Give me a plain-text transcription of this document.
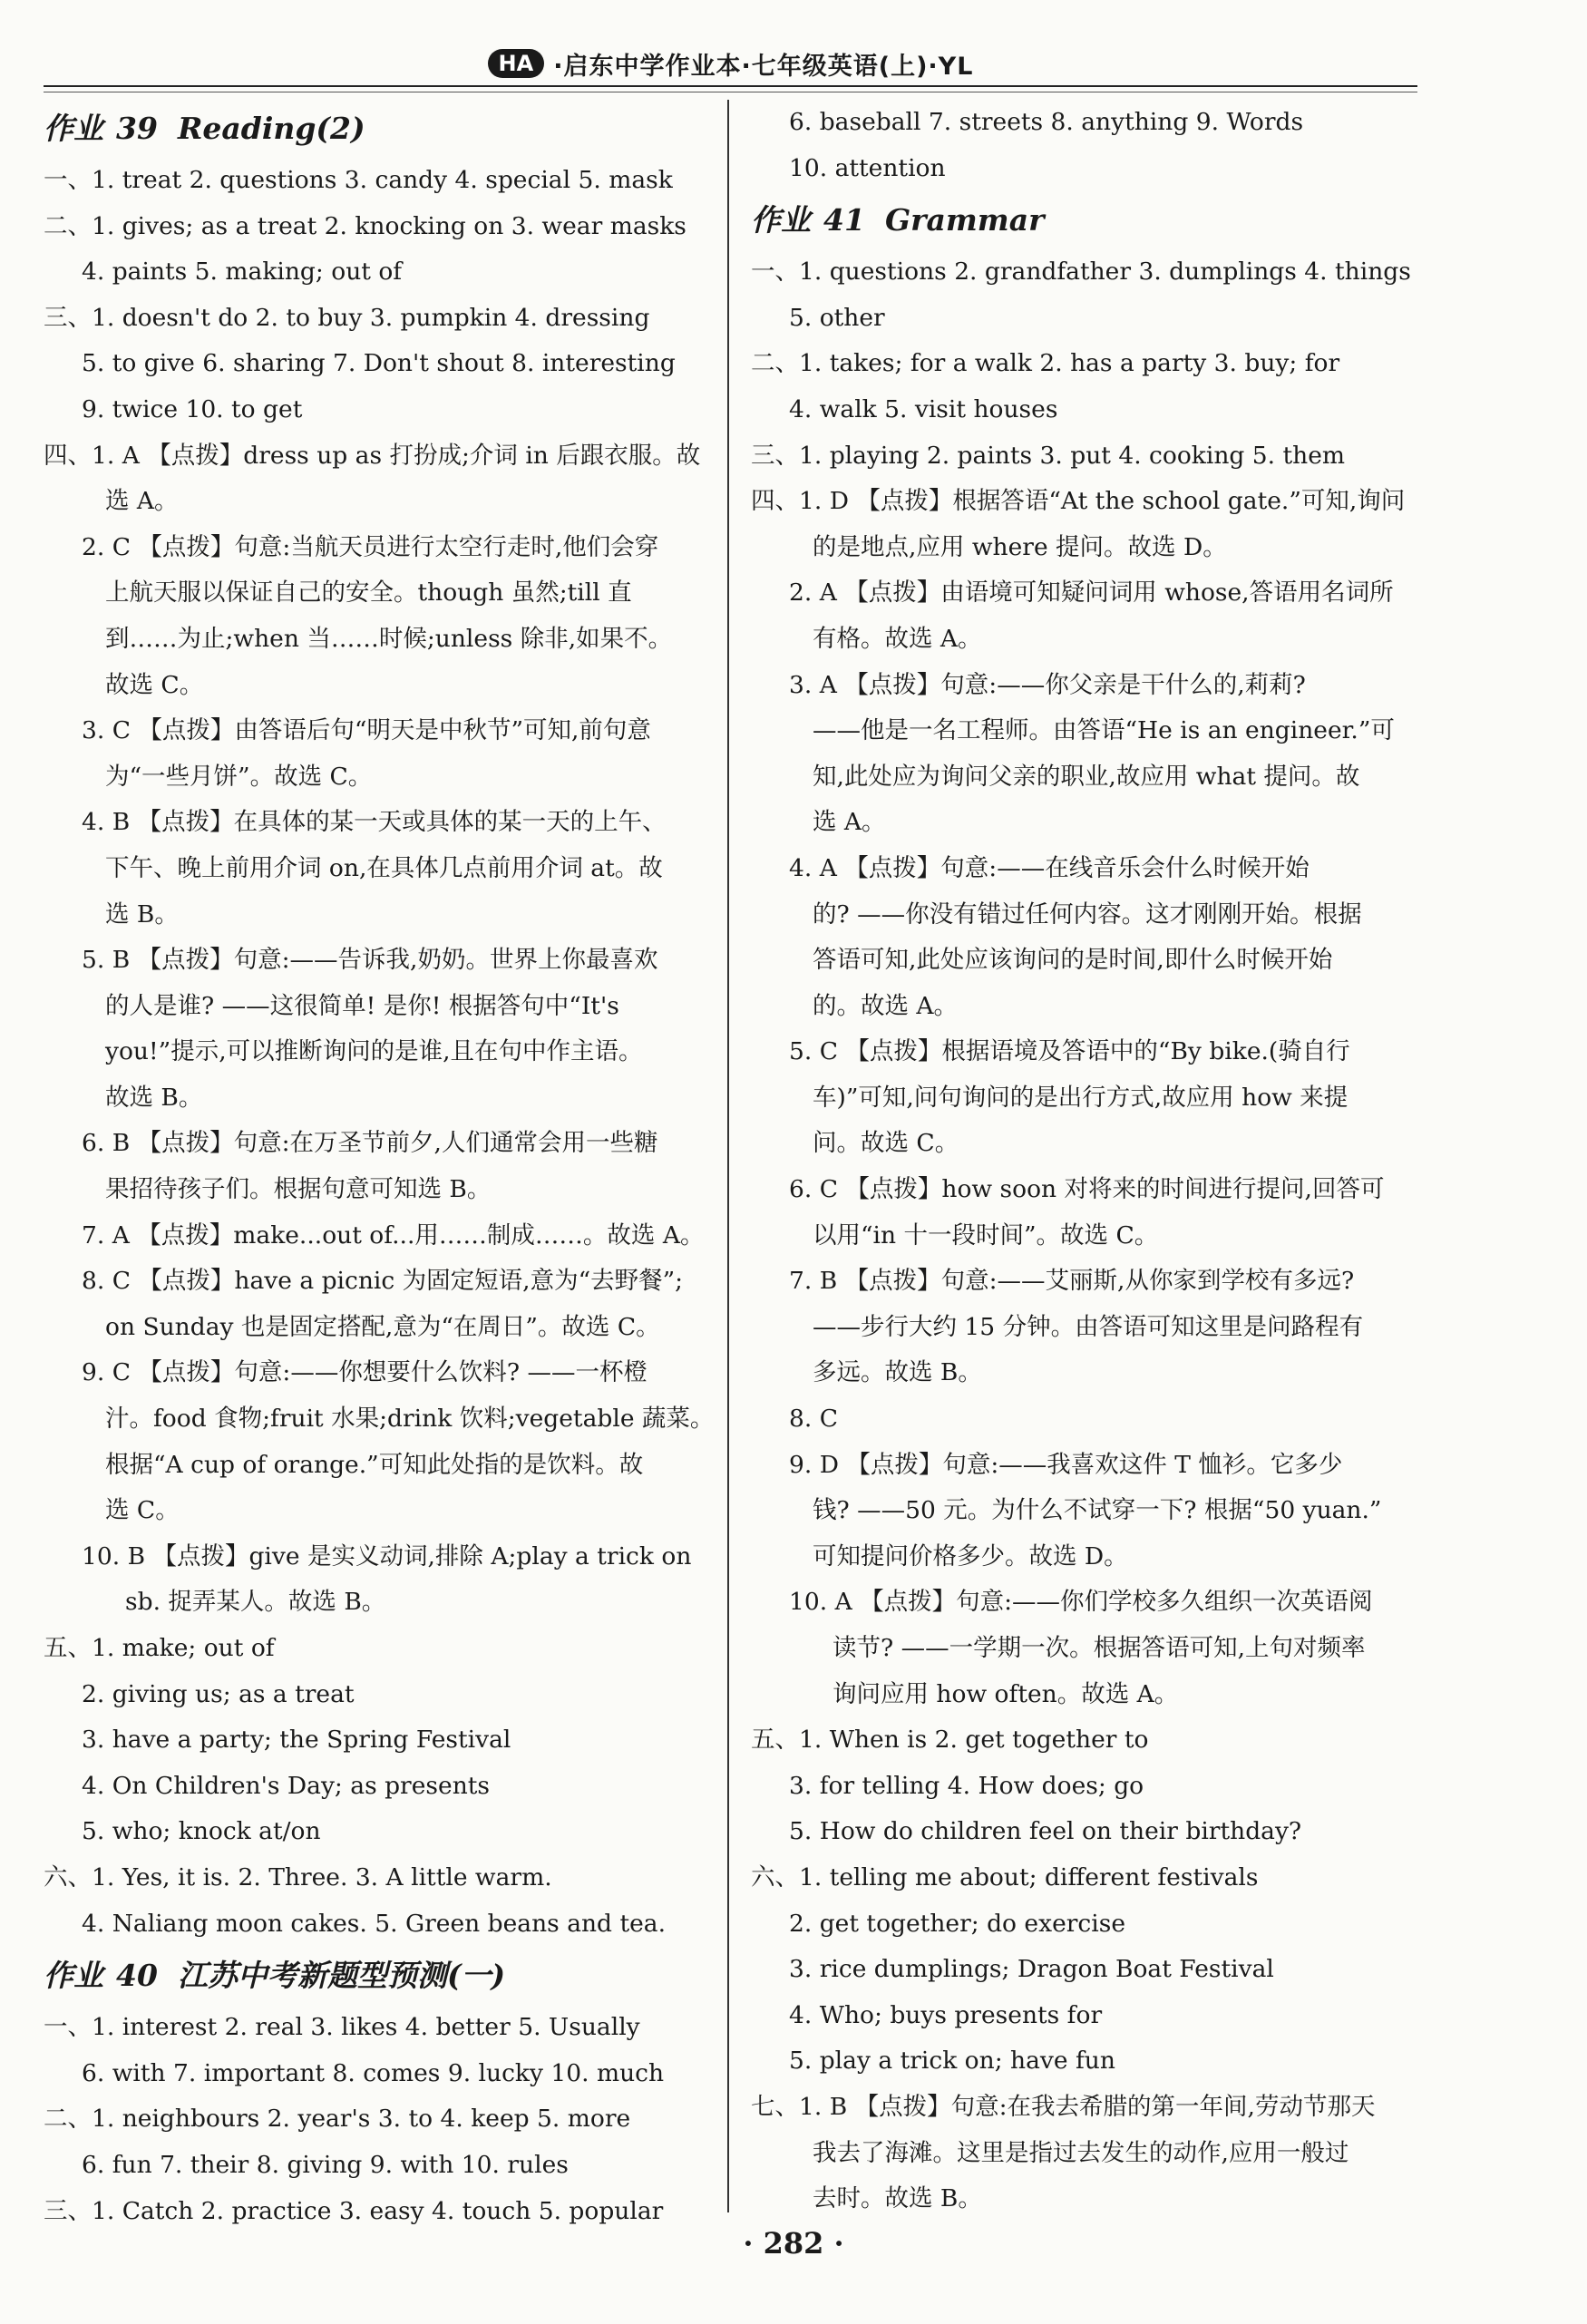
HA ·启东中学作业本·七年级英语(上)·YL
作业 39 Reading(2)
一、1. treat 2. questions 3. candy 4. special 5. mask
二、1. gives; as a treat 2. knocking on 3. wear masks
4. paints 5. making; out of
三、1. doesn't do 2. to buy 3. pumpkin 4. dressing
5. to give 6. sharing 7. Don't shout 8. interesting
9. twice 10. to get
四、1. A 【点拨】dress up as 打扮成;介词 in 后跟衣服。故
选 A。
2. C 【点拨】句意:当航天员进行太空行走时,他们会穿
上航天服以保证自己的安全。though 虽然;till 直
到……为止;when 当……时候;unless 除非,如果不。
故选 C。
3. C 【点拨】由答语后句“明天是中秋节”可知,前句意
为“一些月饼”。故选 C。
4. B 【点拨】在具体的某一天或具体的某一天的上午、
下午、晚上前用介词 on,在具体几点前用介词 at。故
选 B。
5. B 【点拨】句意:——告诉我,奶奶。世界上你最喜欢
的人是谁? ——这很简单! 是你! 根据答句中“It's
you!”提示,可以推断询问的是谁,且在句中作主语。
故选 B。
6. B 【点拨】句意:在万圣节前夕,人们通常会用一些糖
果招待孩子们。根据句意可知选 B。
7. A 【点拨】make...out of...用……制成……。故选 A。
8. C 【点拨】have a picnic 为固定短语,意为“去野餐”;
on Sunday 也是固定搭配,意为“在周日”。故选 C。
9. C 【点拨】句意:——你想要什么饮料? ——一杯橙
汁。food 食物;fruit 水果;drink 饮料;vegetable 蔬菜。
根据“A cup of orange.”可知此处指的是饮料。故
选 C。
10. B 【点拨】give 是实义动词,排除 A;play a trick on
sb. 捉弄某人。故选 B。
五、1. make; out of
2. giving us; as a treat
3. have a party; the Spring Festival
4. On Children's Day; as presents
5. who; knock at/on
六、1. Yes, it is. 2. Three. 3. A little warm.
4. Naliang moon cakes. 5. Green beans and tea.
作业 40 江苏中考新题型预测(一)
一、1. interest 2. real 3. likes 4. better 5. Usually
6. with 7. important 8. comes 9. lucky 10. much
二、1. neighbours 2. year's 3. to 4. keep 5. more
6. fun 7. their 8. giving 9. with 10. rules
三、1. Catch 2. practice 3. easy 4. touch 5. popular
6. baseball 7. streets 8. anything 9. Words
10. attention
作业 41 Grammar
一、1. questions 2. grandfather 3. dumplings 4. things
5. other
二、1. takes; for a walk 2. has a party 3. buy; for
4. walk 5. visit houses
三、1. playing 2. paints 3. put 4. cooking 5. them
四、1. D 【点拨】根据答语“At the school gate.”可知,询问
的是地点,应用 where 提问。故选 D。
2. A 【点拨】由语境可知疑问词用 whose,答语用名词所
有格。故选 A。
3. A 【点拨】句意:——你父亲是干什么的,莉莉?
——他是一名工程师。由答语“He is an engineer.”可
知,此处应为询问父亲的职业,故应用 what 提问。故
选 A。
4. A 【点拨】句意:——在线音乐会什么时候开始
的? ——你没有错过任何内容。这才刚刚开始。根据
答语可知,此处应该询问的是时间,即什么时候开始
的。故选 A。
5. C 【点拨】根据语境及答语中的“By bike.(骑自行
车)”可知,问句询问的是出行方式,故应用 how 来提
问。故选 C。
6. C 【点拨】how soon 对将来的时间进行提问,回答可
以用“in 十一段时间”。故选 C。
7. B 【点拨】句意:——艾丽斯,从你家到学校有多远?
——步行大约 15 分钟。由答语可知这里是问路程有
多远。故选 B。
8. C
9. D 【点拨】句意:——我喜欢这件 T 恤衫。它多少
钱? ——50 元。为什么不试穿一下? 根据“50 yuan.”
可知提问价格多少。故选 D。
10. A 【点拨】句意:——你们学校多久组织一次英语阅
读节? ——一学期一次。根据答语可知,上句对频率
询问应用 how often。故选 A。
五、1. When is 2. get together to
3. for telling 4. How does; go
5. How do children feel on their birthday?
六、1. telling me about; different festivals
2. get together; do exercise
3. rice dumplings; Dragon Boat Festival
4. Who; buys presents for
5. play a trick on; have fun
七、1. B 【点拨】句意:在我去希腊的第一年间,劳动节那天
我去了海滩。这里是指过去发生的动作,应用一般过
去时。故选 B。
· 282 ·
